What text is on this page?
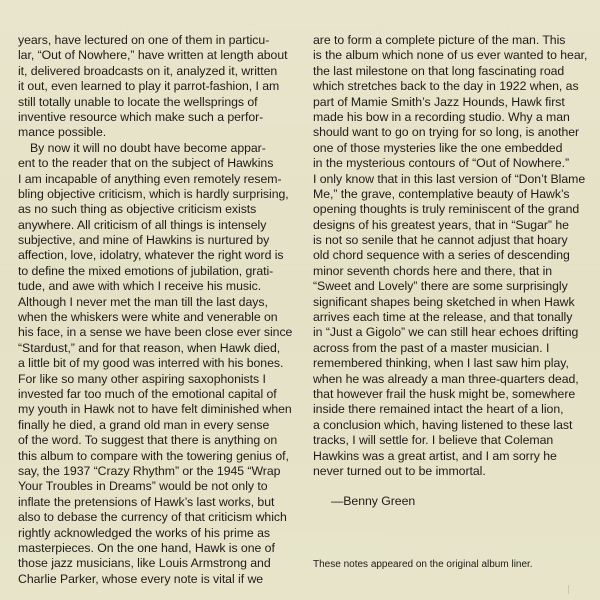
years, have lectured on one of them in particu-
lar, “Out of Nowhere,” have written at length about
it, delivered broadcasts on it, analyzed it, written
it out, even learned to play it parrot-fashion, I am
still totally unable to locate the wellsprings of
inventive resource which make such a perfor-
mance possible.
By now it will no doubt have become appar-
ent to the reader that on the subject of Hawkins
I am incapable of anything even remotely resem-
bling objective criticism, which is hardly surprising,
as no such thing as objective criticism exists
anywhere. All criticism of all things is intensely
subjective, and mine of Hawkins is nurtured by
affection, love, idolatry, whatever the right word is
to define the mixed emotions of jubilation, grati-
tude, and awe with which I receive his music.
Although I never met the man till the last days,
when the whiskers were white and venerable on
his face, in a sense we have been close ever since
“Stardust,” and for that reason, when Hawk died,
a little bit of my good was interred with his bones.
For like so many other aspiring saxophonists I
invested far too much of the emotional capital of
my youth in Hawk not to have felt diminished when
finally he died, a grand old man in every sense
of the word. To suggest that there is anything on
this album to compare with the towering genius of,
say, the 1937 “Crazy Rhythm” or the 1945 “Wrap
Your Troubles in Dreams” would be not only to
inflate the pretensions of Hawk’s last works, but
also to debase the currency of that criticism which
rightly acknowledged the works of his prime as
masterpieces. On the one hand, Hawk is one of
those jazz musicians, like Louis Armstrong and
Charlie Parker, whose every note is vital if we
are to form a complete picture of the man. This
is the album which none of us ever wanted to hear,
the last milestone on that long fascinating road
which stretches back to the day in 1922 when, as
part of Mamie Smith’s Jazz Hounds, Hawk first
made his bow in a recording studio. Why a man
should want to go on trying for so long, is another
one of those mysteries like the one embedded
in the mysterious contours of “Out of Nowhere.”
I only know that in this last version of “Don’t Blame
Me,” the grave, contemplative beauty of Hawk’s
opening thoughts is truly reminiscent of the grand
designs of his greatest years, that in “Sugar” he
is not so senile that he cannot adjust that hoary
old chord sequence with a series of descending
minor seventh chords here and there, that in
“Sweet and Lovely” there are some surprisingly
significant shapes being sketched in when Hawk
arrives each time at the release, and that tonally
in “Just a Gigolo” we can still hear echoes drifting
across from the past of a master musician. I
remembered thinking, when I last saw him play,
when he was already a man three-quarters dead,
that however frail the husk might be, somewhere
inside there remained intact the heart of a lion,
a conclusion which, having listened to these last
tracks, I will settle for. I believe that Coleman
Hawkins was a great artist, and I am sorry he
never turned out to be immortal.
—Benny Green
These notes appeared on the original album liner.
